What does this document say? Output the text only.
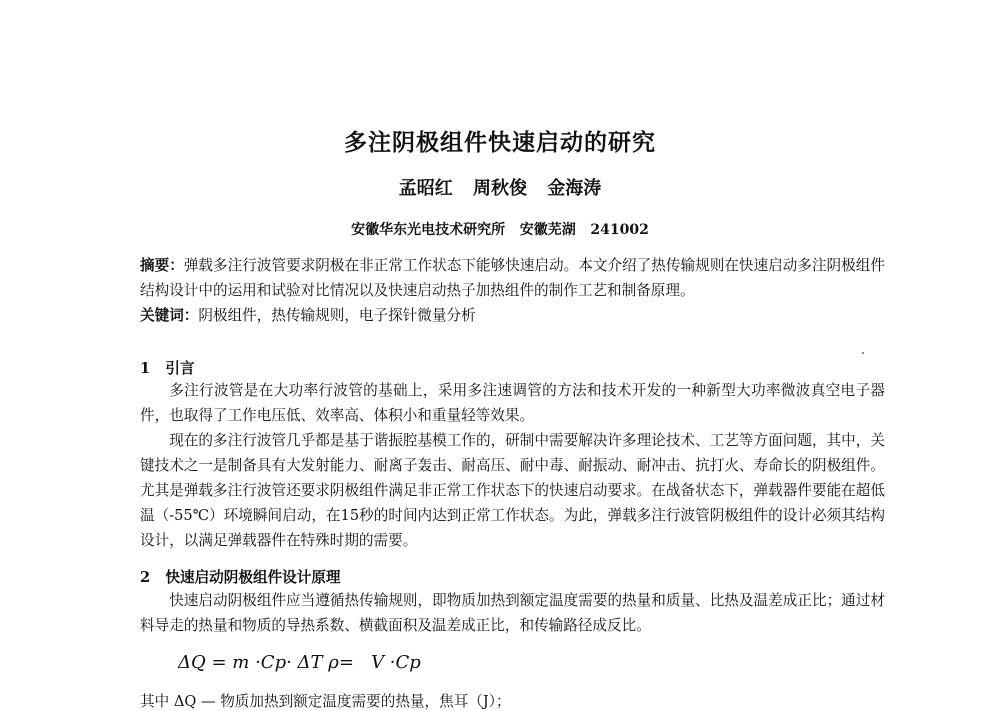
多注阴极组件快速启动的研究
孟昭红 周秋俊 金海涛
安徽华东光电技术研究所   安徽芜湖   241002
摘要：弹载多注行波管要求阴极在非正常工作状态下能够快速启动。本文介绍了热传输规则在快速启动多注阴极组件结构设计中的运用和试验对比情况以及快速启动热子加热组件的制作工艺和制备原理。
关键词：阴极组件，热传输规则，电子探针微量分析
1   引言

多注行波管是在大功率行波管的基础上，采用多注速调管的方法和技术开发的一种新型大功率微波真空电子器件，也取得了工作电压低、效率高、体积小和重量轻等效果。

现在的多注行波管几乎都是基于谐振腔基模工作的，研制中需要解决许多理论技术、工艺等方面问题，其中，关键技术之一是制备具有大发射能力、耐离子轰击、耐高压、耐中毒、耐振动、耐冲击、抗打火、寿命长的阴极组件。尤其是弹载多注行波管还要求阴极组件满足非正常工作状态下的快速启动要求。在战备状态下，弹载器件要能在超低温（-55℃）环境瞬间启动，在15秒的时间内达到正常工作状态。为此，弹载多注行波管阴极组件的设计必须其结构设计，以满足弹载器件在特殊时期的需要。

2   快速启动阴极组件设计原理

快速启动阴极组件应当遵循热传输规则，即物质加热到额定温度需要的热量和质量、比热及温差成正比；通过材料导走的热量和物质的导热系数、横截面积及温差成正比，和传输路径成反比。

ΔQ = m ·Cp· ΔT ρ=   V ·Cp
其中 ΔQ — 物质加热到额定温度需要的热量，焦耳（J）；
